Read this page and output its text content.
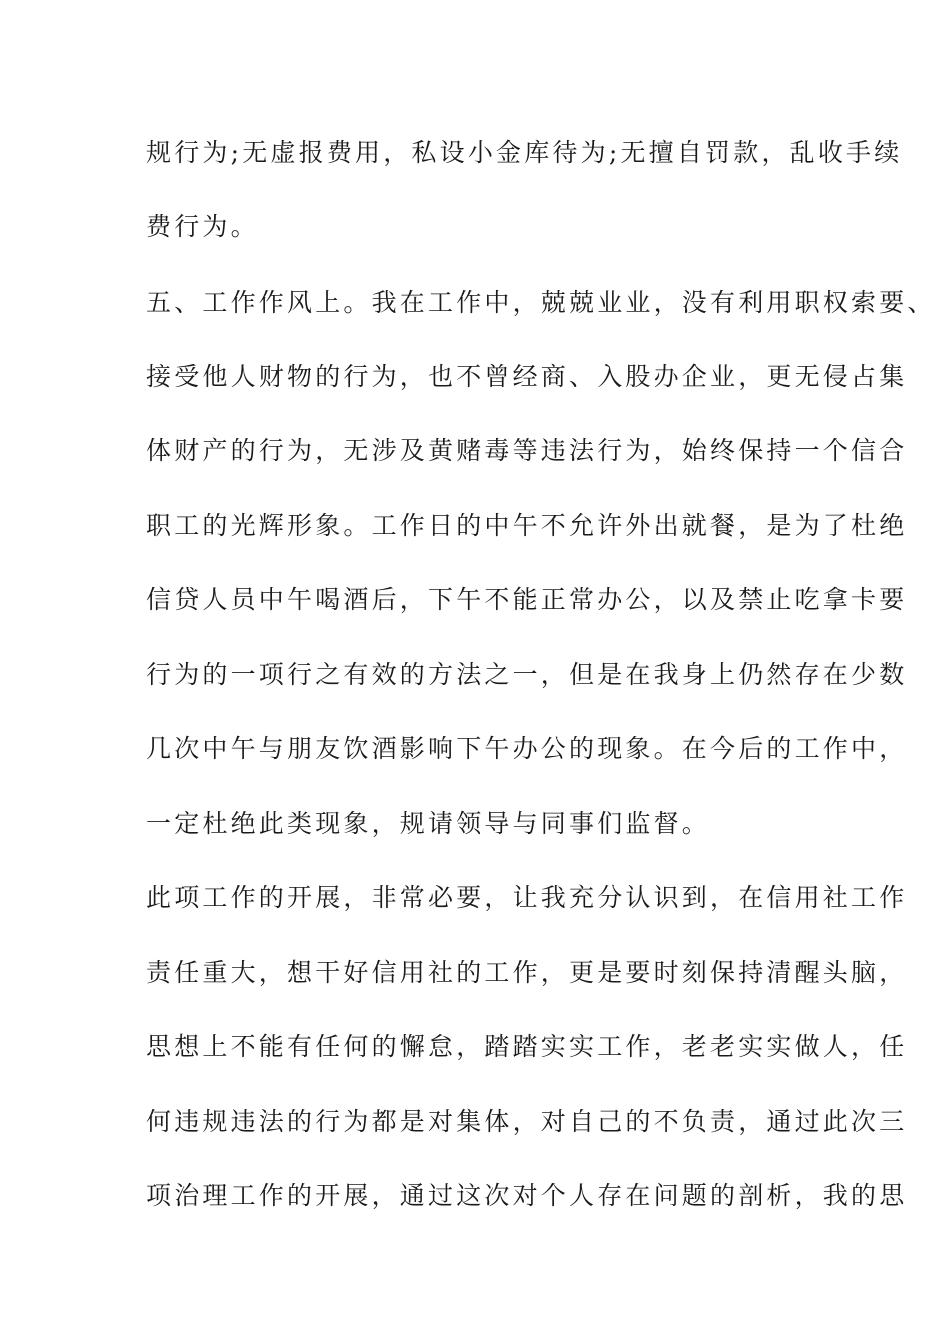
规行为;无虚报费用，私设小金库待为;无擅自罚款，乱收手续
费行为。
五、工作作风上。我在工作中，兢兢业业，没有利用职权索要、
接受他人财物的行为，也不曾经商、入股办企业，更无侵占集
体财产的行为，无涉及黄赌毒等违法行为，始终保持一个信合
职工的光辉形象。工作日的中午不允许外出就餐，是为了杜绝
信贷人员中午喝酒后，下午不能正常办公，以及禁止吃拿卡要
行为的一项行之有效的方法之一，但是在我身上仍然存在少数
几次中午与朋友饮酒影响下午办公的现象。在今后的工作中，
一定杜绝此类现象，规请领导与同事们监督。
此项工作的开展，非常必要，让我充分认识到，在信用社工作
责任重大，想干好信用社的工作，更是要时刻保持清醒头脑，
思想上不能有任何的懈怠，踏踏实实工作，老老实实做人，任
何违规违法的行为都是对集体，对自己的不负责，通过此次三
项治理工作的开展，通过这次对个人存在问题的剖析，我的思
